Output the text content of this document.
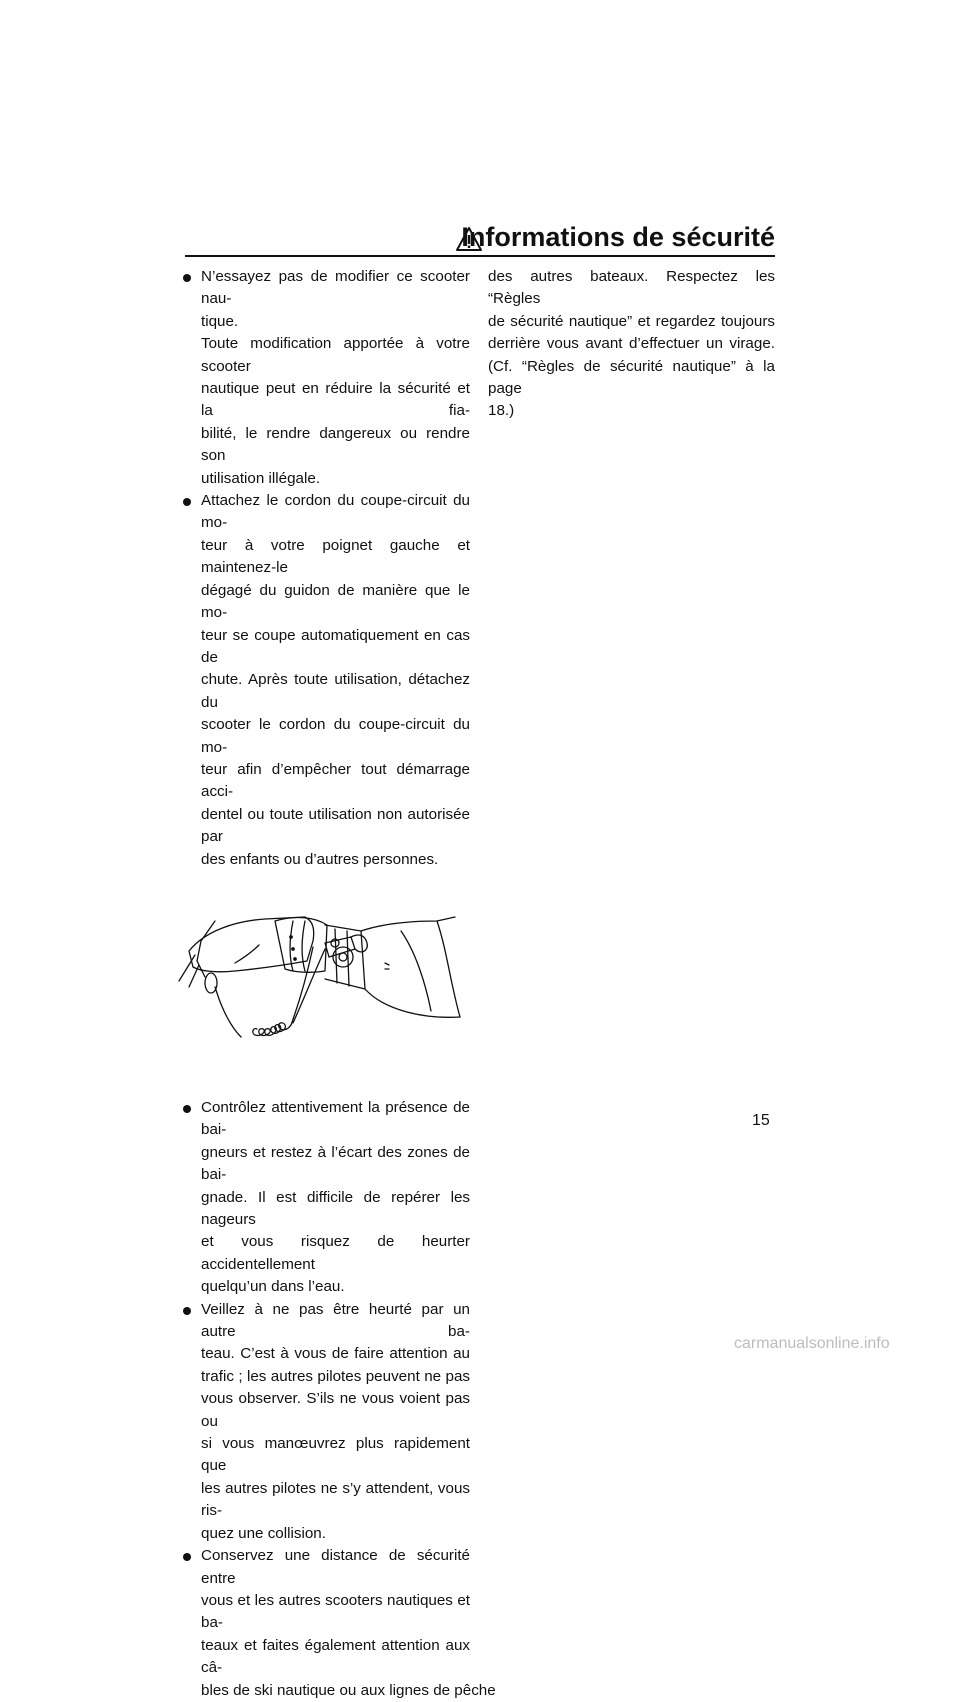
Informations de sécurité
N’essayez pas de modifier ce scooter nau-
tique.
Toute modification apportée à votre scooter
nautique peut en réduire la sécurité et la fia-
bilité, le rendre dangereux ou rendre son
utilisation illégale.
Attachez le cordon du coupe-circuit du mo-
teur à votre poignet gauche et maintenez-le
dégagé du guidon de manière que le mo-
teur se coupe automatiquement en cas de
chute. Après toute utilisation, détachez du
scooter le cordon du coupe-circuit du mo-
teur afin d’empêcher tout démarrage acci-
dentel ou toute utilisation non autorisée par
des enfants ou d’autres personnes.
Contrôlez attentivement la présence de bai-
gneurs et restez à l’écart des zones de bai-
gnade. Il est difficile de repérer les nageurs
et vous risquez de heurter accidentellement
quelqu’un dans l’eau.
Veillez à ne pas être heurté par un autre ba-
teau. C’est à vous de faire attention au
trafic ; les autres pilotes peuvent ne pas
vous observer. S’ils ne vous voient pas ou
si vous manœuvrez plus rapidement que
les autres pilotes ne s’y attendent, vous ris-
quez une collision.
Conservez une distance de sécurité entre
vous et les autres scooters nautiques et ba-
teaux et faites également attention aux câ-
bles de ski nautique ou aux lignes de pêche
des autres bateaux. Respectez les “Règles
de sécurité nautique” et regardez toujours
derrière vous avant d’effectuer un virage.
(Cf. “Règles de sécurité nautique” à la page
18.)
15
carmanualsonline.info
